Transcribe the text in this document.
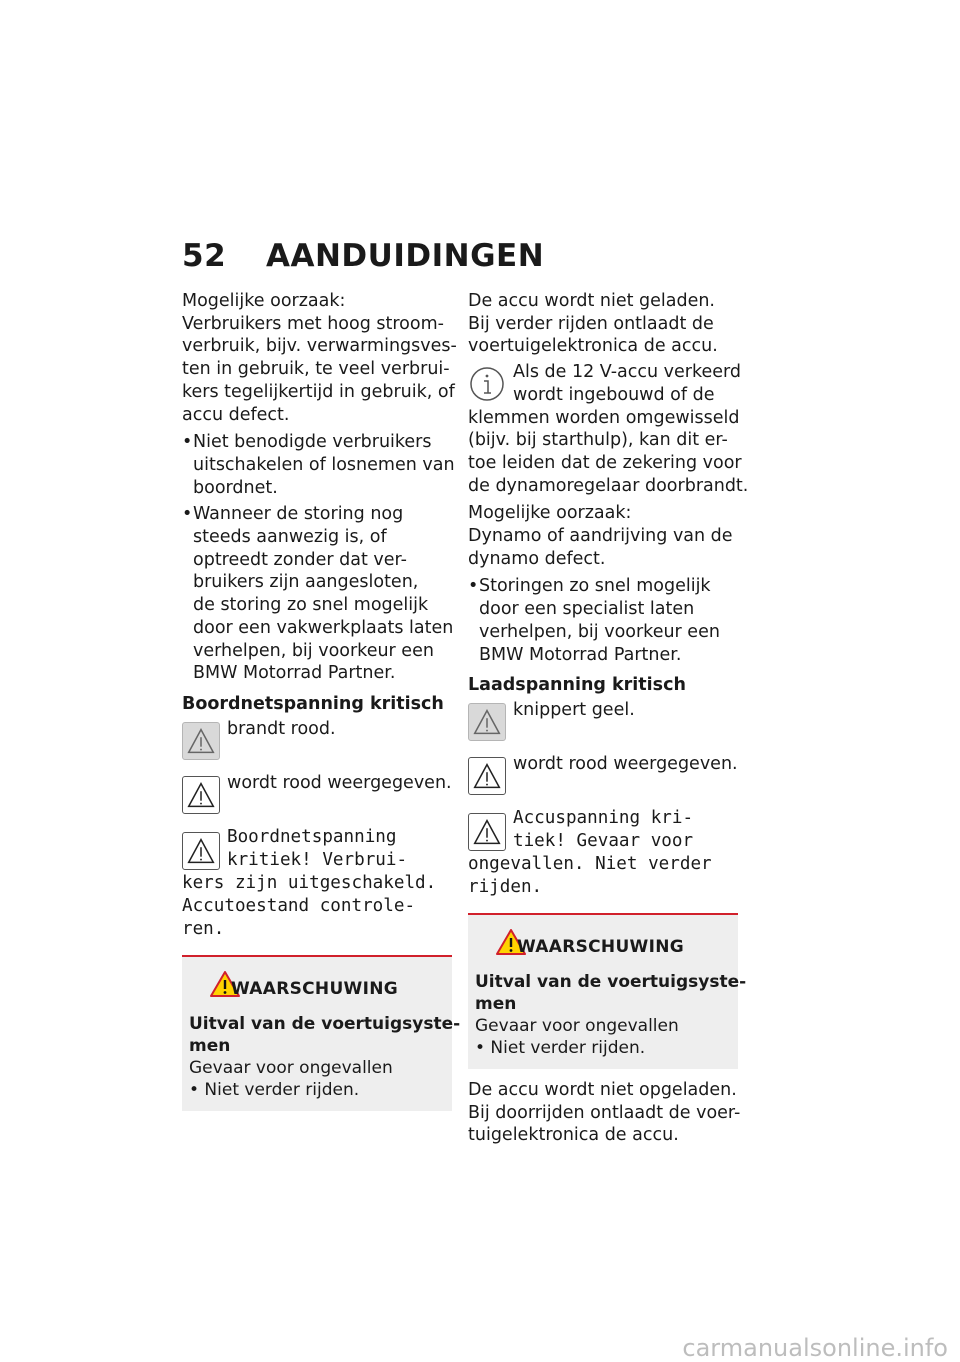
52 AANDUIDINGEN
Mogelijke oorzaak:
Verbruikers met hoog stroom-
verbruik, bijv. verwarmingsves-
ten in gebruik, te veel verbrui-
kers tegelijkertijd in gebruik, of
accu defect.
• Niet benodigde verbruikers
uitschakelen of losnemen van
boordnet.
• Wanneer de storing nog
steeds aanwezig is, of
optreedt zonder dat ver-
bruikers zijn aangesloten,
de storing zo snel mogelijk
door een vakwerkplaats laten
verhelpen, bij voorkeur een
BMW Motorrad Partner.
Boordnetspanning kritisch
brandt rood.
wordt rood weergegeven.
Boordnetspanning
kritiek! Verbrui-
kers zijn uitgeschakeld.
Accutoestand controle-
ren.
WAARSCHUWING
Uitval van de voertuigsyste-
men
Gevaar voor ongevallen
• Niet verder rijden.
De accu wordt niet geladen.
Bij verder rijden ontlaadt de
voertuigelektronica de accu.
Als de 12 V-accu verkeerd
wordt ingebouwd of de
klemmen worden omgewisseld
(bijv. bij starthulp), kan dit er-
toe leiden dat de zekering voor
de dynamoregelaar doorbrandt.
Mogelijke oorzaak:
Dynamo of aandrijving van de
dynamo defect.
• Storingen zo snel mogelijk
door een specialist laten
verhelpen, bij voorkeur een
BMW Motorrad Partner.
Laadspanning kritisch
knippert geel.
wordt rood weergegeven.
Accuspanning kri-
tiek! Gevaar voor
ongevallen. Niet verder
rijden.
WAARSCHUWING
Uitval van de voertuigsyste-
men
Gevaar voor ongevallen
• Niet verder rijden.
De accu wordt niet opgeladen.
Bij doorrijden ontlaadt de voer-
tuigelektronica de accu.
carmanualsonline.info
